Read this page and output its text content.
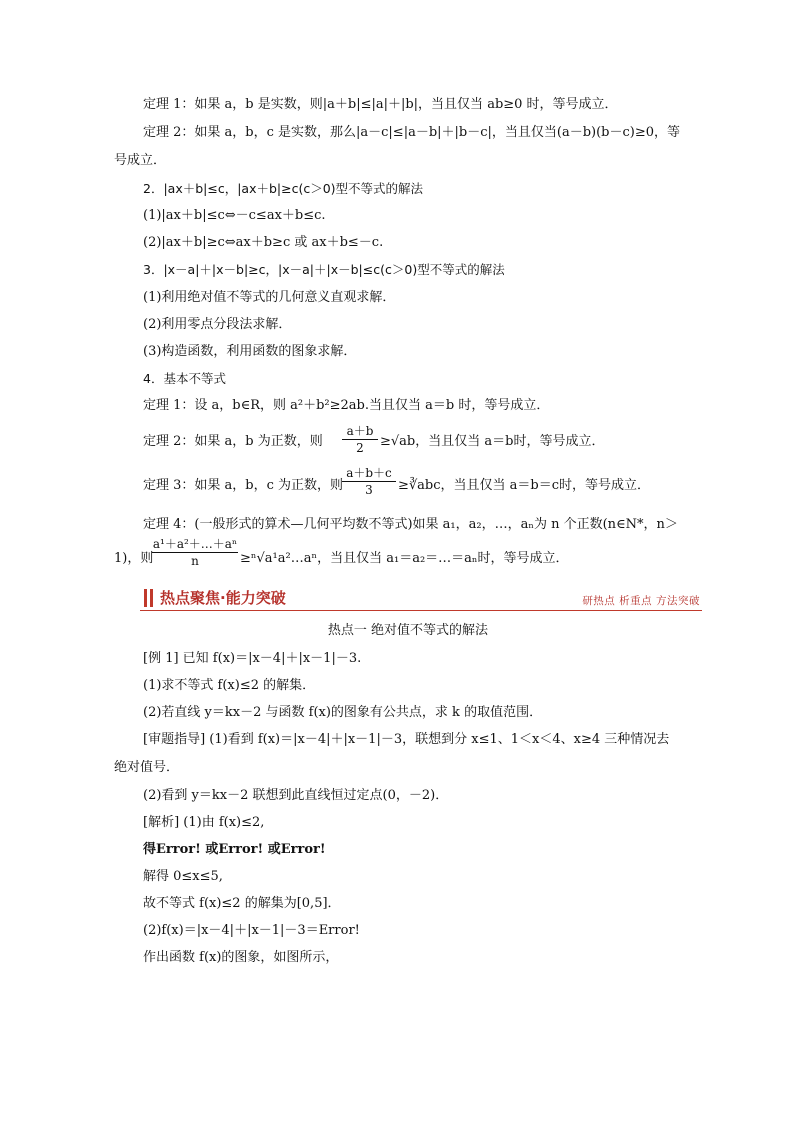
定理 1：如果 a，b 是实数，则|a＋b|≤|a|＋|b|，当且仅当 ab≥0 时，等号成立．
定理 2：如果 a，b，c 是实数，那么|a－c|≤|a－b|＋|b－c|，当且仅当(a－b)(b－c)≥0，等
号成立．
2．|ax＋b|≤c，|ax＋b|≥c(c＞0)型不等式的解法
(1)|ax＋b|≤c⇔－c≤ax＋b≤c.
(2)|ax＋b|≥c⇔ax＋b≥c 或 ax＋b≤－c.
3．|x－a|＋|x－b|≥c，|x－a|＋|x－b|≤c(c＞0)型不等式的解法
(1)利用绝对值不等式的几何意义直观求解．
(2)利用零点分段法求解．
(3)构造函数，利用函数的图象求解．
4．基本不等式
定理 1：设 a，b∈R，则 a²＋b²≥2ab.当且仅当 a＝b 时，等号成立．
定理 2：如果 a，b 为正数，则
a＋b
2	≥√ab，当且仅当 a＝b时，等号成立．
定理 3：如果 a，b，c 为正数，则
a＋b＋c
3	≥∛abc，当且仅当 a＝b＝c时，等号成立．
定理 4：(一般形式的算术—几何平均数不等式)如果 a₁，a₂，…，aₙ为 n 个正数(n∈N*，n＞
1)，则
a¹＋a²＋…＋aⁿ
n	≥ⁿ√a¹a²…aⁿ，当且仅当 a₁＝a₂＝…＝aₙ时，等号成立．
热点聚焦·能力突破	研热点 析重点 方法突破
热点一 绝对值不等式的解法
[例 1] 已知 f(x)＝|x－4|＋|x－1|－3.
(1)求不等式 f(x)≤2 的解集．
(2)若直线 y＝kx－2 与函数 f(x)的图象有公共点，求 k 的取值范围．
[审题指导] (1)看到 f(x)＝|x－4|＋|x－1|－3，联想到分 x≤1、1＜x＜4、x≥4 三种情况去
绝对值号．
(2)看到 y＝kx－2 联想到此直线恒过定点(0，－2)．
[解析] (1)由 f(x)≤2,
得Error! 或Error! 或Error!
解得 0≤x≤5,
故不等式 f(x)≤2 的解集为[0,5]．
(2)f(x)＝|x－4|＋|x－1|－3＝Error!
作出函数 f(x)的图象，如图所示，
